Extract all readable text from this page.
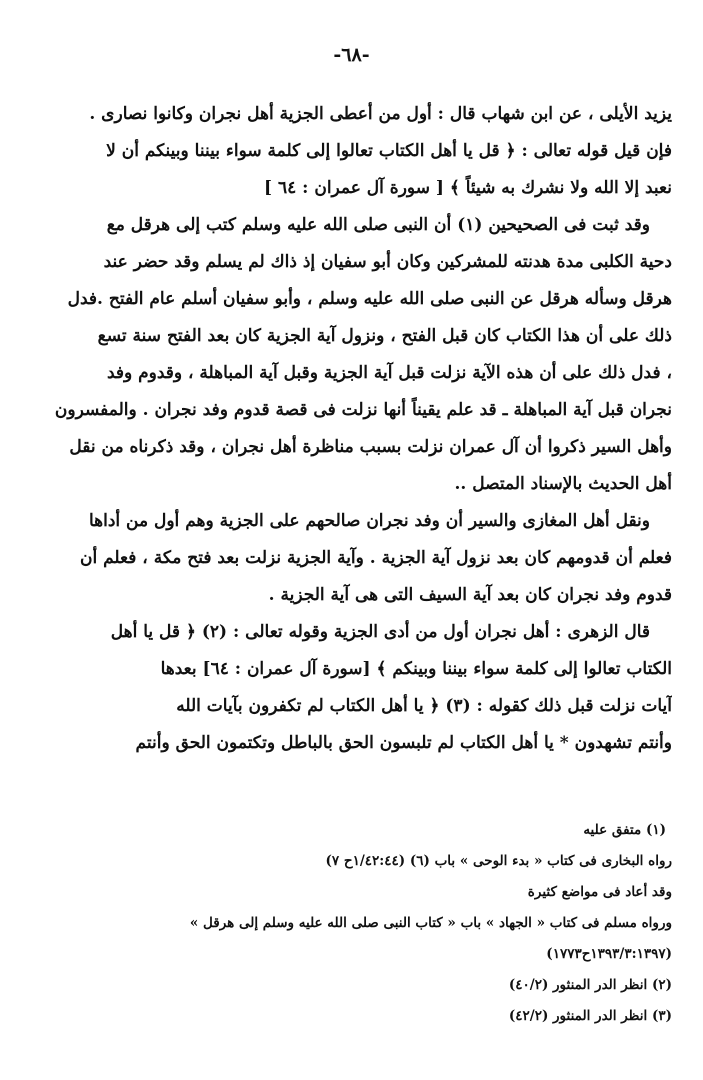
-٦٨-
يزيد الأيلى ، عن ابن شهاب قال : أول من أعطى الجزية أهل نجران وكانوا نصارى .
فإن قيل قوله تعالى : ﴿ قل يا أهل الكتاب تعالوا إلى كلمة سواء بيننا وبينكم أن لا
نعبد إلا الله ولا نشرك به شيئاً ﴾ [ سورة آل عمران : ٦٤ ]
وقد ثبت فى الصحيحين (١) أن النبى صلى الله عليه وسلم كتب إلى هرقل مع
دحية الكلبى مدة هدنته للمشركين وكان أبو سفيان إذ ذاك لم يسلم وقد حضر عند
هرقل وسأله هرقل عن النبى صلى الله عليه وسلم ، وأبو سفيان أسلم عام الفتح .فدل
ذلك على أن هذا الكتاب كان قبل الفتح ، ونزول آية الجزية كان بعد الفتح سنة تسع
، فدل ذلك على أن هذه الآية نزلت قبل آية الجزية وقبل آية المباهلة ، وقدوم وفد
نجران قبل آية المباهلة ـ قد علم يقيناً أنها نزلت فى قصة قدوم وفد نجران . والمفسرون
وأهل السير ذكروا أن آل عمران نزلت بسبب مناظرة أهل نجران ، وقد ذكرناه من نقل
أهل الحديث بالإسناد المتصل ..
ونقل أهل المغازى والسير أن وفد نجران صالحهم على الجزية وهم أول من أداها
فعلم أن قدومهم كان بعد نزول آية الجزية . وآية الجزية نزلت بعد فتح مكة ، فعلم أن
قدوم وفد نجران كان بعد آية السيف التى هى آية الجزية .
قال الزهرى : أهل نجران أول من أدى الجزية وقوله تعالى : (٢) ﴿ قل يا أهل
الكتاب تعالوا إلى كلمة سواء بيننا وبينكم ﴾ [سورة آل عمران : ٦٤] بعدها
آيات نزلت قبل ذلك كقوله : (٣) ﴿ يا أهل الكتاب لم تكفرون بآيات الله
وأنتم تشهدون * يا أهل الكتاب لم تلبسون الحق بالباطل وتكتمون الحق وأنتم
(١) متفق عليه
رواه البخارى فى كتاب « بدء الوحى » باب (٦) (١/٤٢:٤٤ح ٧)
وقد أعاد فى مواضع كثيرة
ورواه مسلم فى كتاب « الجهاد » باب « كتاب النبى صلى الله عليه وسلم إلى هرقل »
(١٣٩٣/٣:١٣٩٧ح١٧٧٣)
(٢) انظر الدر المنثور (٤٠/٢)
(٣) انظر الدر المنثور (٤٢/٢)
